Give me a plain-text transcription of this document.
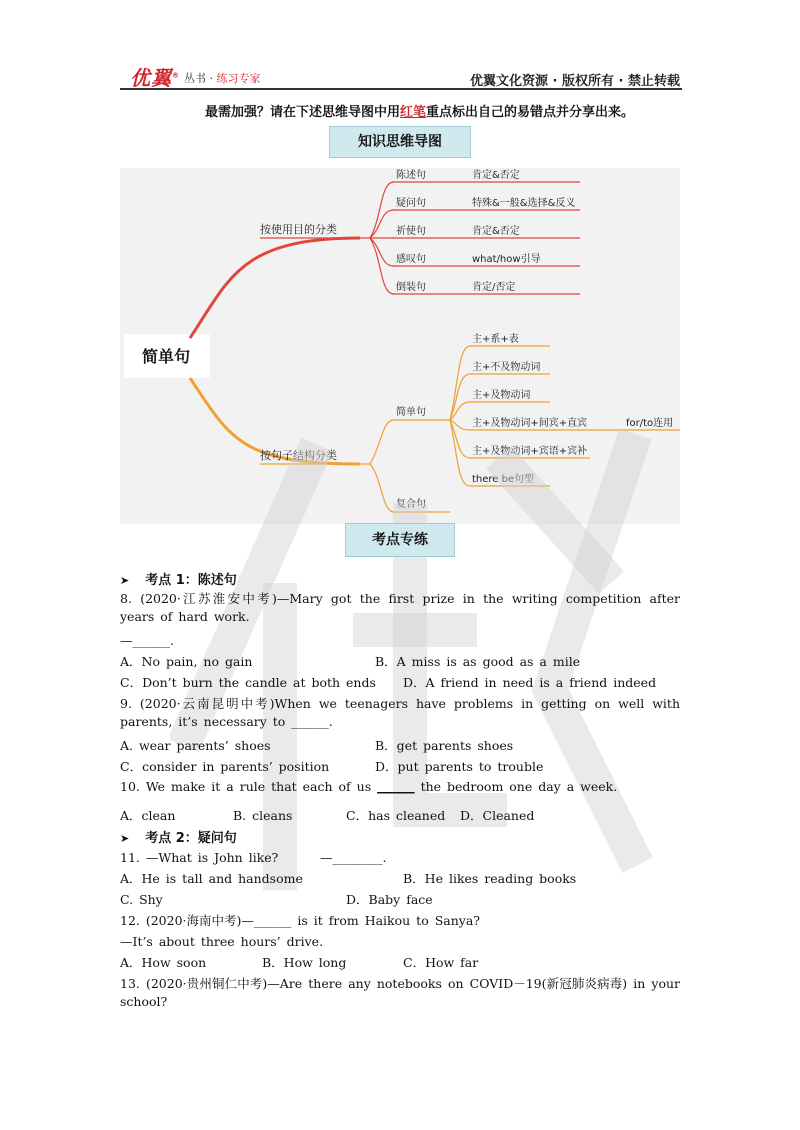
优翼® 丛书 · 练习专家	优翼文化资源 · 版权所有 · 禁止转载
最需加强？请在下述思维导图中用红笔重点标出自己的易错点并分享出来。
知识思维导图
简单句
按使用目的分类
陈述句
疑问句
祈使句
感叹句
倒装句
肯定&否定
特殊&一般&选择&反义
肯定&否定
what/how引导
肯定/否定
按句子结构分类
简单句
复合句
主+系+表
主+不及物动词
主+及物动词
主+及物动词+间宾+直宾
主+及物动词+宾语+宾补
there be句型
for/to连用
考点专练
➤ 考点 1：陈述句
8. (2020·江苏淮安中考)—Mary got the first prize in the writing competition after years of hard work.
—______.
A．No pain, no gain	B．A miss is as good as a mile
C．Don’t burn the candle at both ends D．A friend in need is a friend indeed
9. (2020·云南昆明中考)When we teenagers have problems in getting on well with parents, it’s necessary to ______.
A. wear parents’ shoes	B．get parents shoes
C．consider in parents’ position	D．put parents to trouble
10. We make it a rule that each of us ______ the bedroom one day a week.
A．clean	B. cleans	C．has cleaned D．Cleaned
➤ 考点 2：疑问句
11. —What is John like?	—________.
A．He is tall and handsome	B．He likes reading books
C. Shy	D．Baby face
12. (2020·海南中考)—______ is it from Haikou to Sanya?
—It’s about three hours’ drive.
A．How soon	B．How long	C．How far
13. (2020·贵州铜仁中考)—Are there any notebooks on COVID－19(新冠肺炎病毒) in your school?
